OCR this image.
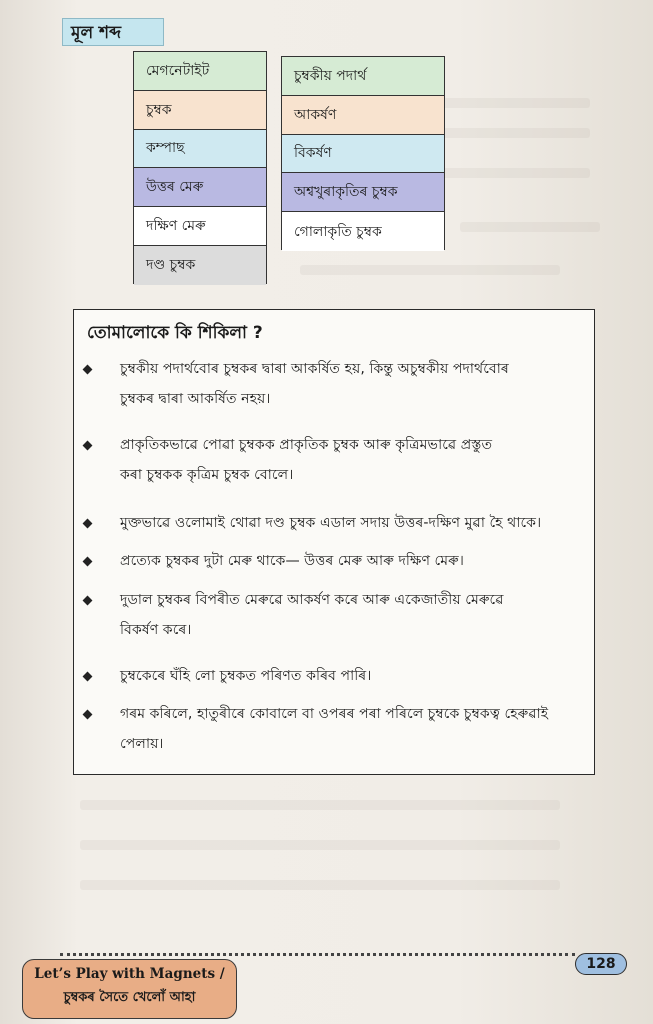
মূল শব্দ
মেগনেটাইট
চুম্বক
কম্পাছ
উত্তৰ মেৰু
দক্ষিণ মেৰু
দণ্ড চুম্বক
চুম্বকীয় পদাৰ্থ
আকৰ্ষণ
বিকৰ্ষণ
অশ্বখুৰাকৃতিৰ চুম্বক
গোলাকৃতি চুম্বক
তোমালোকে কি শিকিলা ?
চুম্বকীয় পদাৰ্থবোৰ চুম্বকৰ দ্বাৰা আকৰ্ষিত হয়, কিন্তু অচুম্বকীয় পদাৰ্থবোৰ
চুম্বকৰ দ্বাৰা আকৰ্ষিত নহয়।
প্ৰাকৃতিকভাৱে পোৱা চুম্বকক প্ৰাকৃতিক চুম্বক আৰু কৃত্ৰিমভাৱে প্ৰস্তুত
কৰা চুম্বকক কৃত্ৰিম চুম্বক বোলে।
মুক্তভাৱে ওলোমাই থোৱা দণ্ড চুম্বক এডাল সদায় উত্তৰ-দক্ষিণ মুৱা হৈ থাকে।
প্ৰত্যেক চুম্বকৰ দুটা মেৰু থাকে— উত্তৰ মেৰু আৰু দক্ষিণ মেৰু।
দুডাল চুম্বকৰ বিপৰীত মেৰুৱে আকৰ্ষণ কৰে আৰু একেজাতীয় মেৰুৱে
বিকৰ্ষণ কৰে।
চুম্বকেৰে ঘঁহি লো চুম্বকত পৰিণত কৰিব পাৰি।
গৰম কৰিলে, হাতুৰীৰে কোবালে বা ওপৰৰ পৰা পৰিলে চুম্বকে চুম্বকত্ব হেৰুৱাই
পেলায়।
Let’s Play with Magnets /
চুম্বকৰ সৈতে খেলোঁ আহা
128
